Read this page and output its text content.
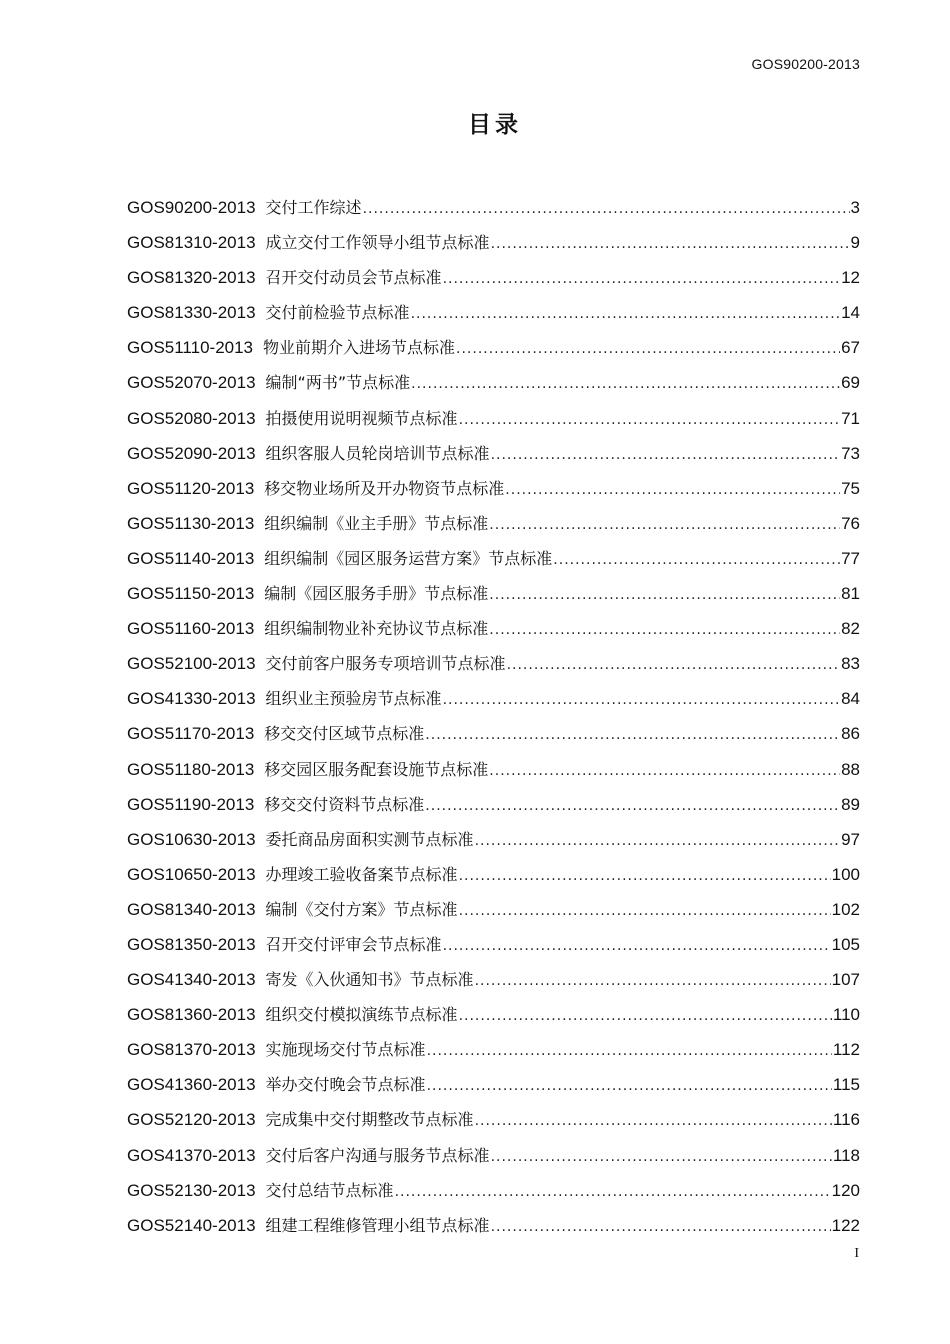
GOS90200-2013
目录
GOS90200-2013 交付工作综述 .....	3
GOS81310-2013 成立交付工作领导小组节点标准 .....	9
GOS81320-2013 召开交付动员会节点标准 .....	12
GOS81330-2013 交付前检验节点标准 .....	14
GOS51110-2013 物业前期介入进场节点标准 .....	67
GOS52070-2013 编制“两书”节点标准 .....	69
GOS52080-2013 拍摄使用说明视频节点标准 .....	71
GOS52090-2013 组织客服人员轮岗培训节点标准 .....	73
GOS51120-2013 移交物业场所及开办物资节点标准 .....	75
GOS51130-2013 组织编制《业主手册》节点标准 .....	76
GOS51140-2013 组织编制《园区服务运营方案》节点标准 .....	77
GOS51150-2013 编制《园区服务手册》节点标准 .....	81
GOS51160-2013 组织编制物业补充协议节点标准 .....	82
GOS52100-2013 交付前客户服务专项培训节点标准 .....	83
GOS41330-2013 组织业主预验房节点标准 .....	84
GOS51170-2013 移交交付区域节点标准 .....	86
GOS51180-2013 移交园区服务配套设施节点标准 .....	88
GOS51190-2013 移交交付资料节点标准 .....	89
GOS10630-2013 委托商品房面积实测节点标准 .....	97
GOS10650-2013 办理竣工验收备案节点标准 .....	100
GOS81340-2013 编制《交付方案》节点标准 .....	102
GOS81350-2013 召开交付评审会节点标准 .....	105
GOS41340-2013 寄发《入伙通知书》节点标准 .....	107
GOS81360-2013 组织交付模拟演练节点标准 .....	110
GOS81370-2013 实施现场交付节点标准 .....	112
GOS41360-2013 举办交付晚会节点标准 .....	115
GOS52120-2013 完成集中交付期整改节点标准 .....	116
GOS41370-2013 交付后客户沟通与服务节点标准 .....	118
GOS52130-2013 交付总结节点标准 .....	120
GOS52140-2013 组建工程维修管理小组节点标准 .....	122
I
